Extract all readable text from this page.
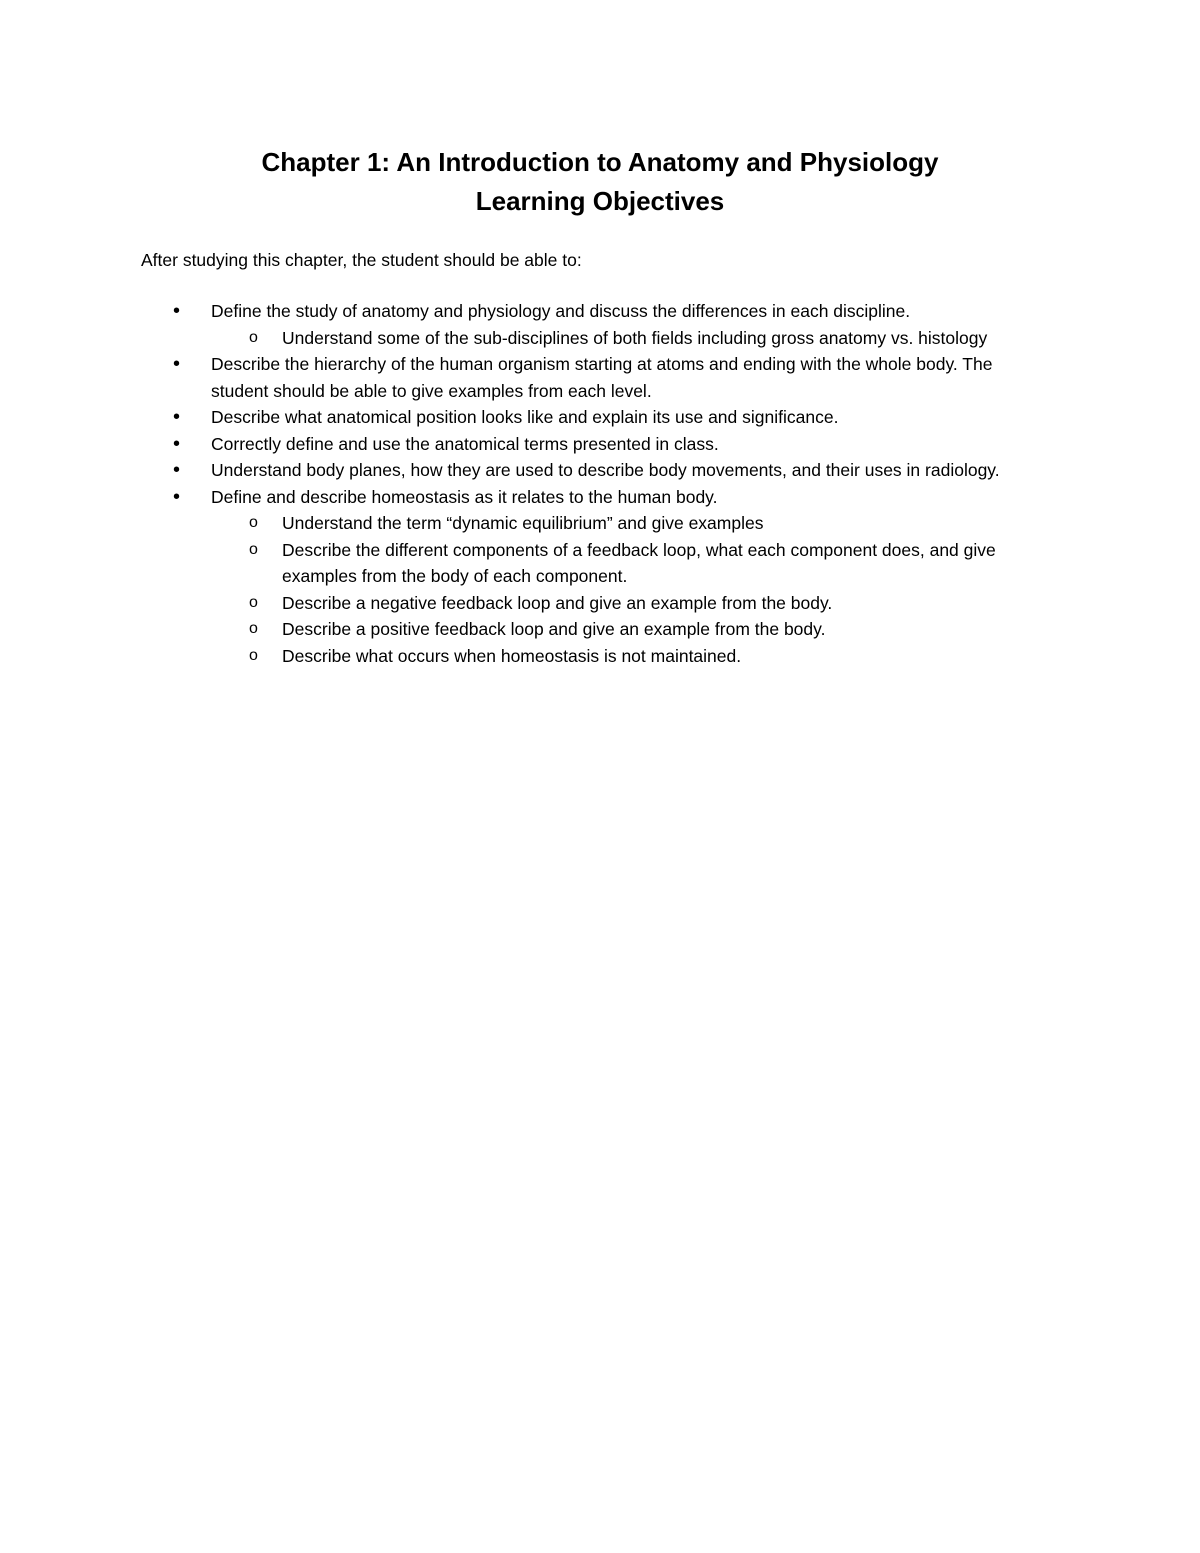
Chapter 1: An Introduction to Anatomy and Physiology
Learning Objectives
After studying this chapter, the student should be able to:
• Define the study of anatomy and physiology and discuss the differences in each discipline.
o Understand some of the sub-disciplines of both fields including gross anatomy vs. histology
• Describe the hierarchy of the human organism starting at atoms and ending with the whole body. The student should be able to give examples from each level.
• Describe what anatomical position looks like and explain its use and significance.
• Correctly define and use the anatomical terms presented in class.
• Understand body planes, how they are used to describe body movements, and their uses in radiology.
• Define and describe homeostasis as it relates to the human body.
o Understand the term “dynamic equilibrium” and give examples
o Describe the different components of a feedback loop, what each component does, and give examples from the body of each component.
o Describe a negative feedback loop and give an example from the body.
o Describe a positive feedback loop and give an example from the body.
o Describe what occurs when homeostasis is not maintained.
